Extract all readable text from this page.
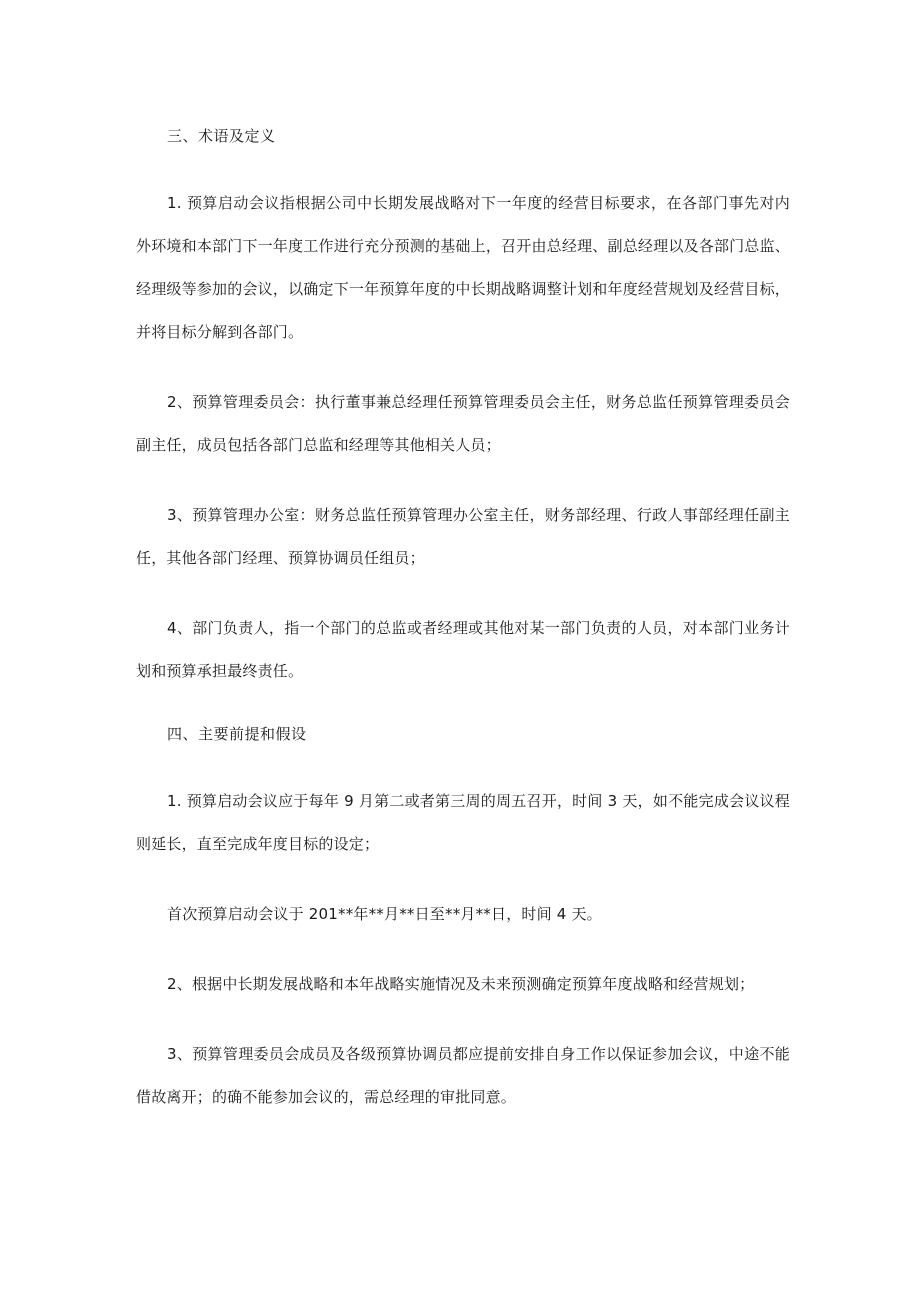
三、术语及定义

1. 预算启动会议指根据公司中长期发展战略对下一年度的经营目标要求，在各部门事先对内外环境和本部门下一年度工作进行充分预测的基础上，召开由总经理、副总经理以及各部门总监、经理级等参加的会议，以确定下一年预算年度的中长期战略调整计划和年度经营规划及经营目标，并将目标分解到各部门。

2、预算管理委员会：执行董事兼总经理任预算管理委员会主任，财务总监任预算管理委员会副主任，成员包括各部门总监和经理等其他相关人员；

3、预算管理办公室：财务总监任预算管理办公室主任，财务部经理、行政人事部经理任副主任，其他各部门经理、预算协调员任组员；

4、部门负责人，指一个部门的总监或者经理或其他对某一部门负责的人员，对本部门业务计划和预算承担最终责任。

四、主要前提和假设

1. 预算启动会议应于每年 9 月第二或者第三周的周五召开，时间 3 天，如不能完成会议议程则延长，直至完成年度目标的设定；

首次预算启动会议于 201**年**月**日至**月**日，时间 4 天。

2、根据中长期发展战略和本年战略实施情况及未来预测确定预算年度战略和经营规划；

3、预算管理委员会成员及各级预算协调员都应提前安排自身工作以保证参加会议，中途不能借故离开；的确不能参加会议的，需总经理的审批同意。
